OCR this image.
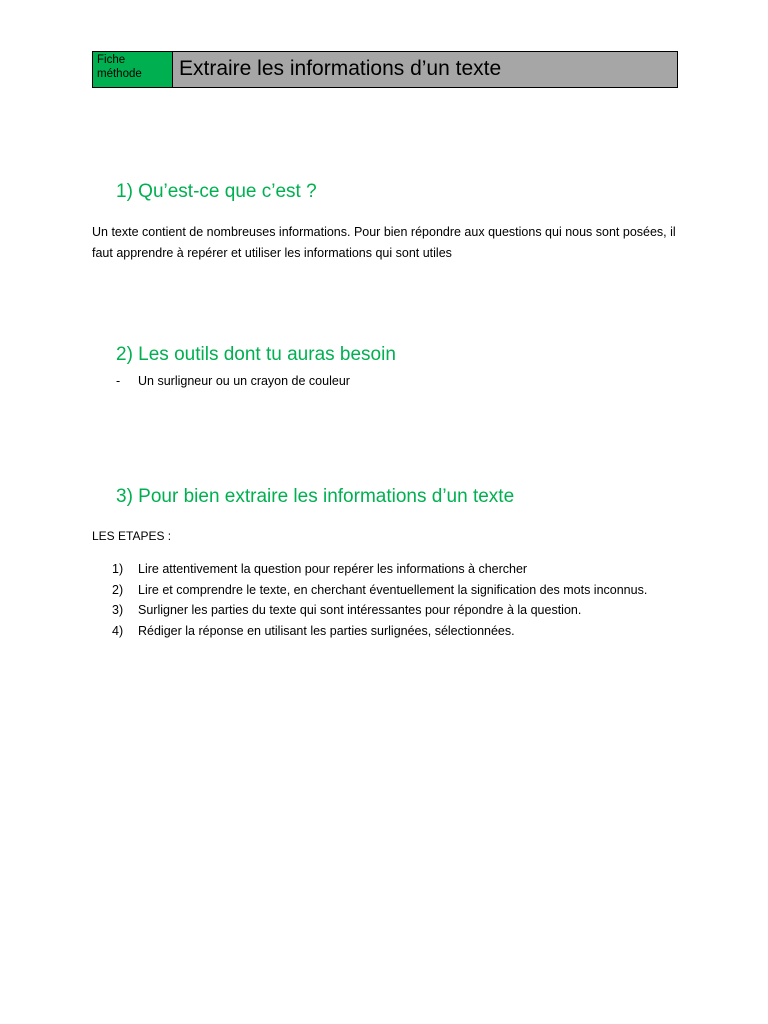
Fiche
méthode	Extraire les informations d’un texte
1) Qu’est-ce que c’est ?

Un texte contient de nombreuses informations. Pour bien répondre aux questions qui nous sont posées, il faut apprendre à repérer et utiliser les informations qui sont utiles

2) Les outils dont tu auras besoin
-	Un surligneur ou un crayon de couleur
3) Pour bien extraire les informations d’un texte
LES ETAPES :
1)	Lire attentivement la question pour repérer les informations à chercher
2)	Lire et comprendre le texte, en cherchant éventuellement la signification des mots inconnus.
3)	Surligner les parties du texte qui sont intéressantes pour répondre à la question.
4)	Rédiger la réponse en utilisant les parties surlignées, sélectionnées.
